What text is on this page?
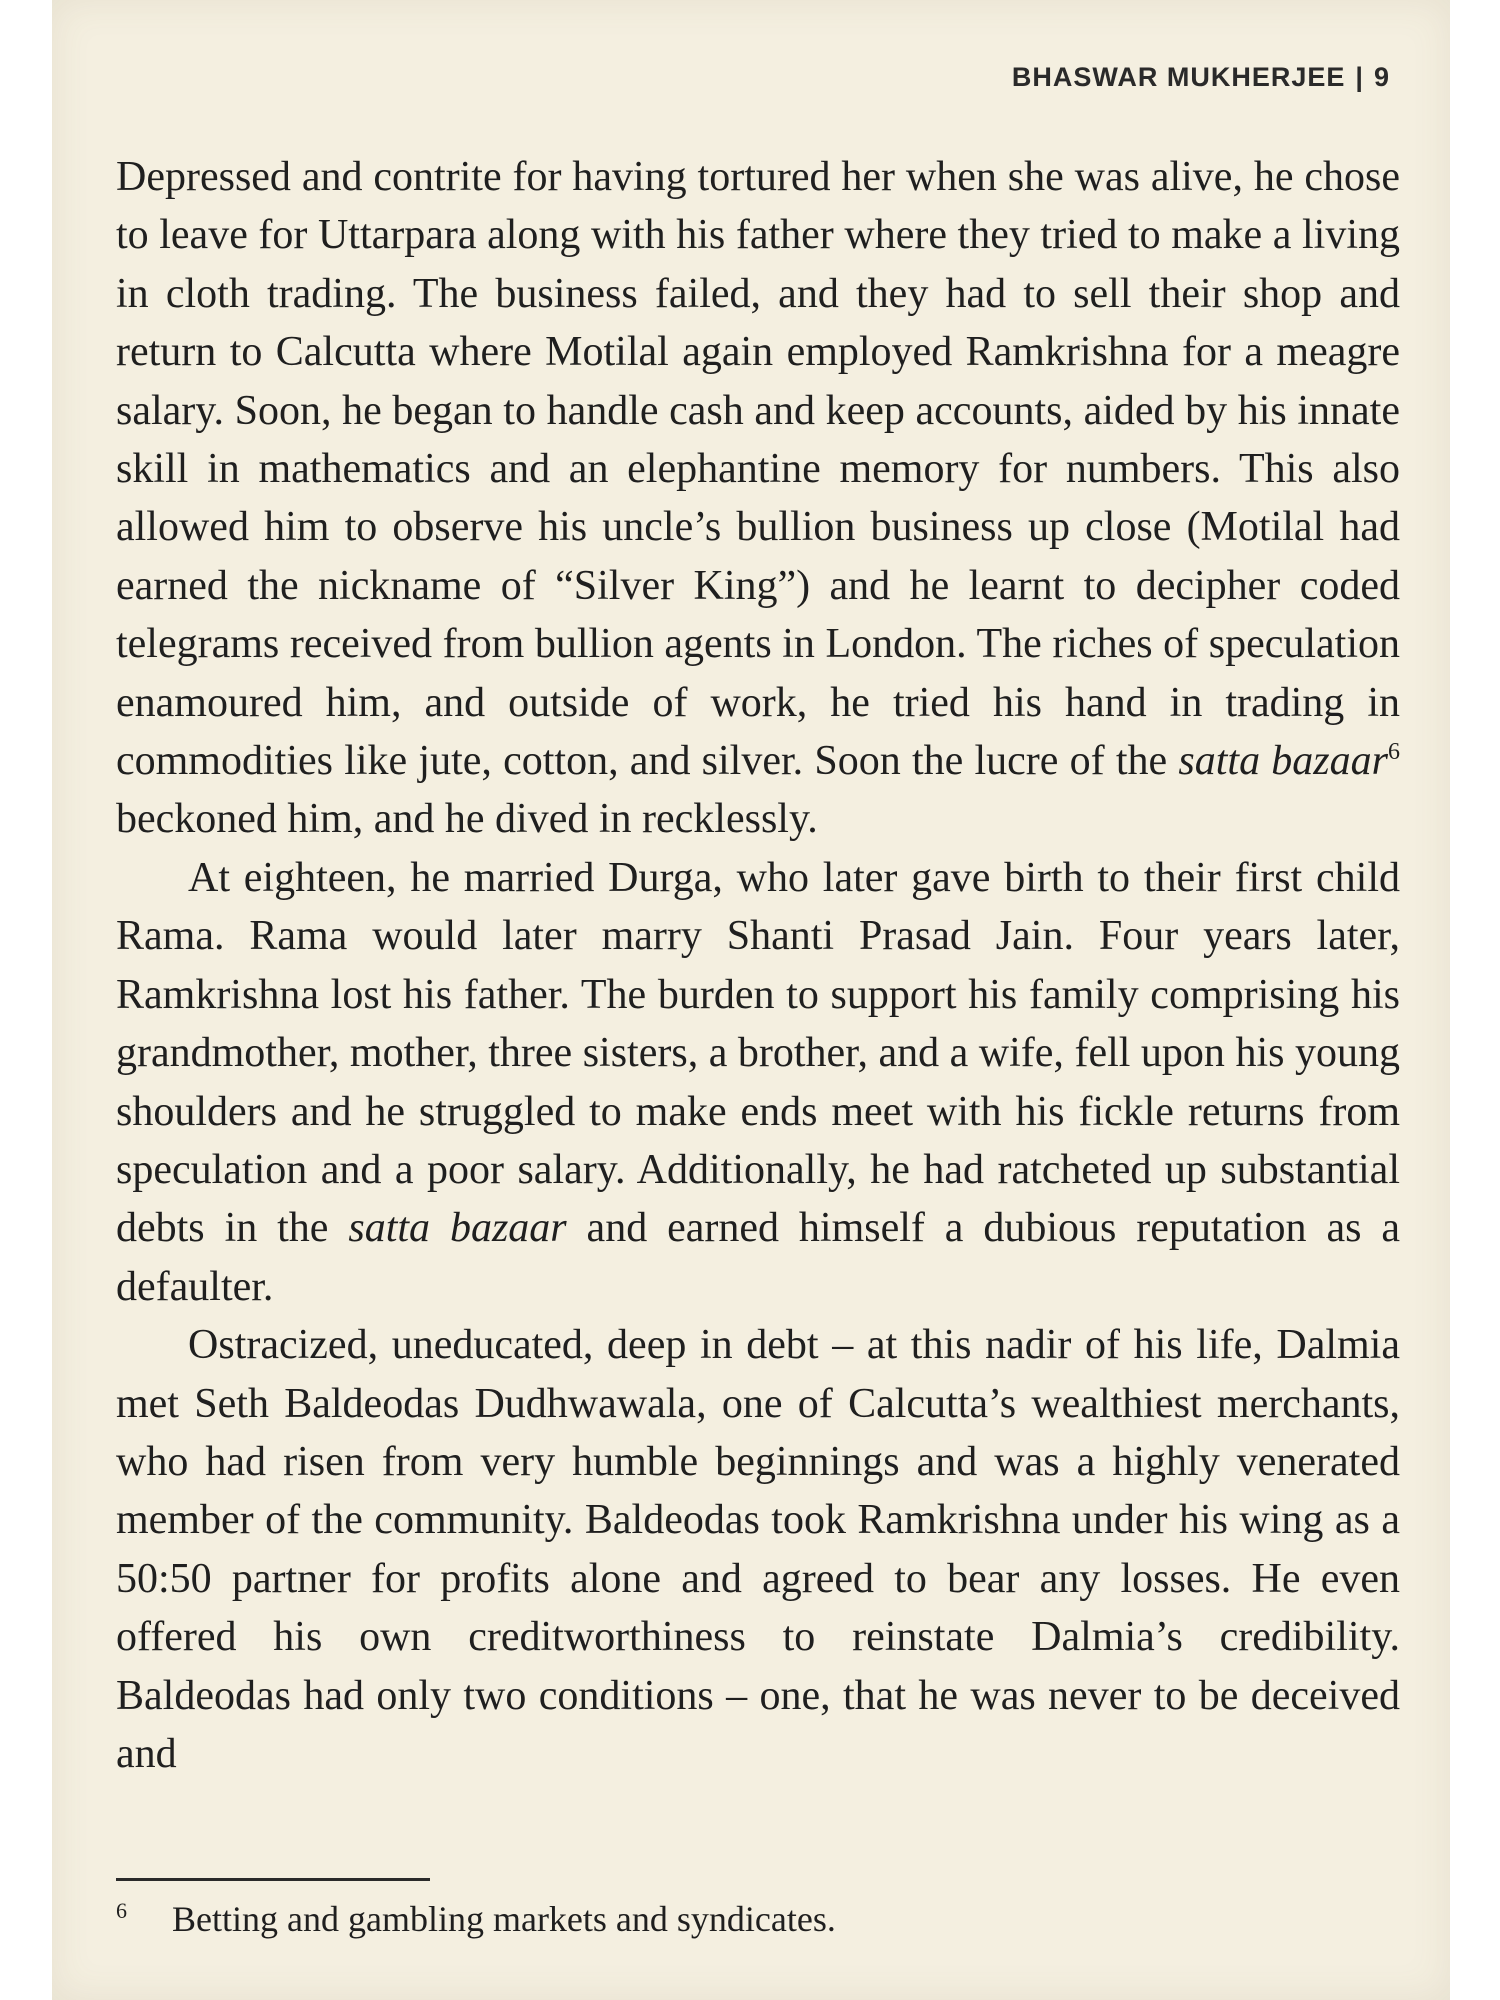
BHASWAR MUKHERJEE | 9

Depressed and contrite for having tortured her when she was alive, he chose to leave for Uttarpara along with his father where they tried to make a living in cloth trading. The business failed, and they had to sell their shop and return to Calcutta where Motilal again employed Ramkrishna for a meagre salary. Soon, he began to handle cash and keep accounts, aided by his innate skill in mathematics and an elephantine memory for numbers. This also allowed him to observe his uncle’s bullion business up close (Motilal had earned the nickname of “Silver King”) and he learnt to decipher coded telegrams received from bullion agents in London. The riches of speculation enamoured him, and outside of work, he tried his hand in trading in commodities like jute, cotton, and silver. Soon the lucre of the satta bazaar$^6$ beckoned him, and he dived in recklessly.

At eighteen, he married Durga, who later gave birth to their first child Rama. Rama would later marry Shanti Prasad Jain. Four years later, Ramkrishna lost his father. The burden to support his family comprising his grandmother, mother, three sisters, a brother, and a wife, fell upon his young shoulders and he struggled to make ends meet with his fickle returns from speculation and a poor salary. Additionally, he had ratcheted up substantial debts in the satta bazaar and earned himself a dubious reputation as a defaulter.

Ostracized, uneducated, deep in debt – at this nadir of his life, Dalmia met Seth Baldeodas Dudhwawala, one of Calcutta’s wealthiest merchants, who had risen from very humble beginnings and was a highly venerated member of the community. Baldeodas took Ramkrishna under his wing as a 50:50 partner for profits alone and agreed to bear any losses. He even offered his own creditworthiness to reinstate Dalmia’s credibility. Baldeodas had only two conditions – one, that he was never to be deceived and

6 Betting and gambling markets and syndicates.
